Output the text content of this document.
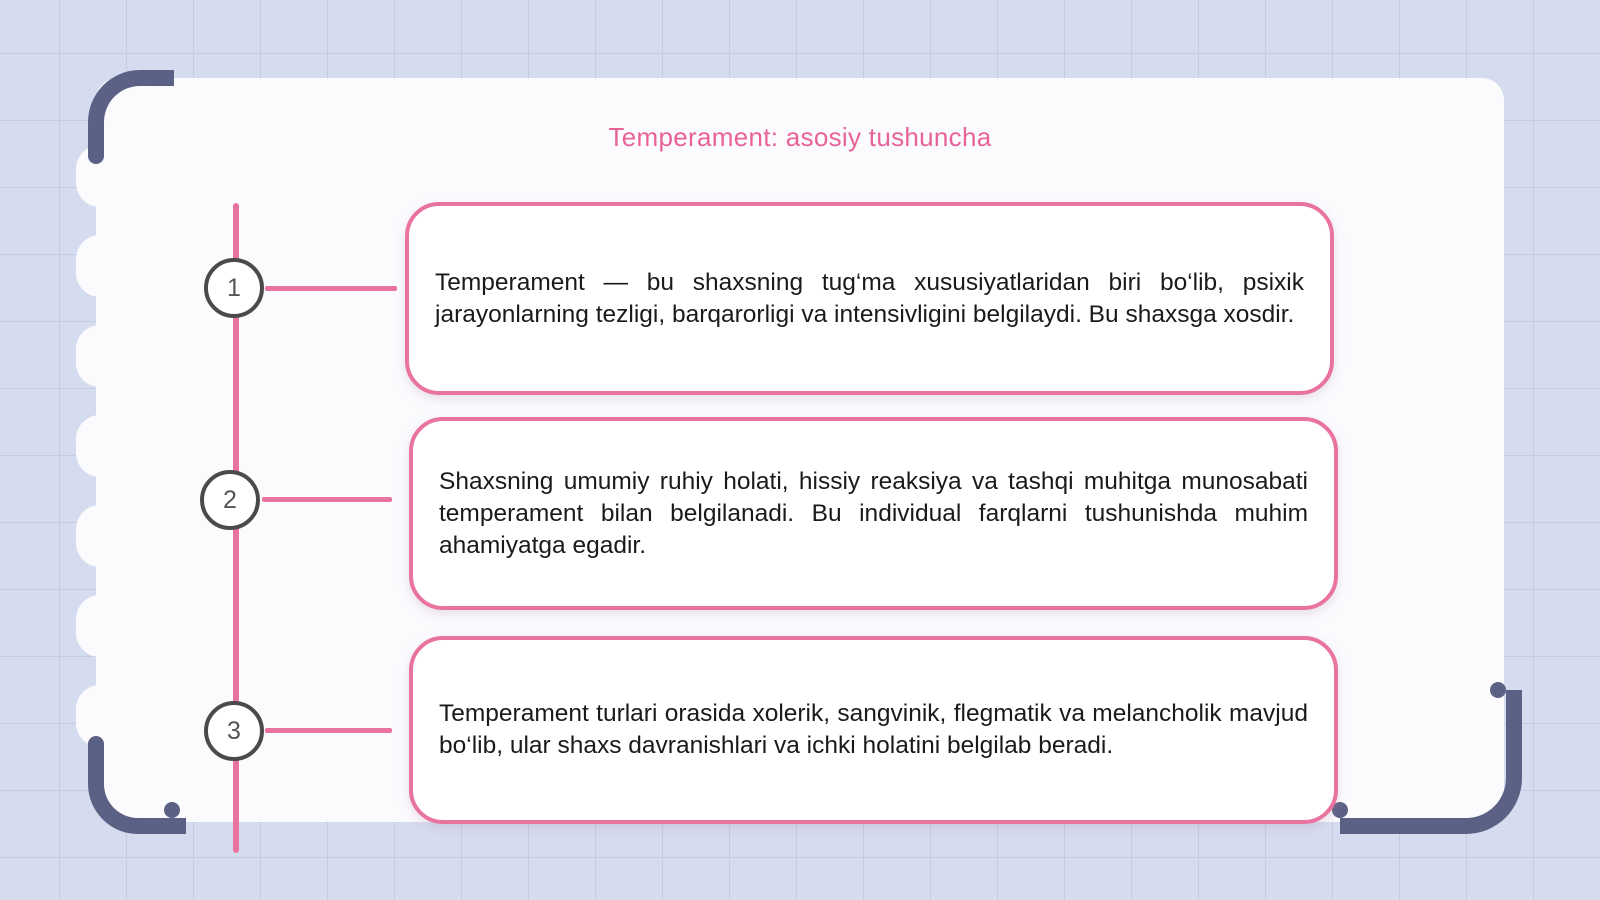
Temperament: asosiy tushuncha
1
2
3

Temperament — bu shaxsning tug‘ma xususiyatlaridan biri bo‘lib, psixik jarayonlarning tezligi, barqarorligi va intensivligini belgilaydi. Bu shaxsga xosdir.

Shaxsning umumiy ruhiy holati, hissiy reaksiya va tashqi muhitga munosabati temperament bilan belgilanadi. Bu individual farqlarni tushunishda muhim ahamiyatga egadir.

Temperament turlari orasida xolerik, sangvinik, flegmatik va melancholik mavjud bo‘lib, ular shaxs davranishlari va ichki holatini belgilab beradi.
